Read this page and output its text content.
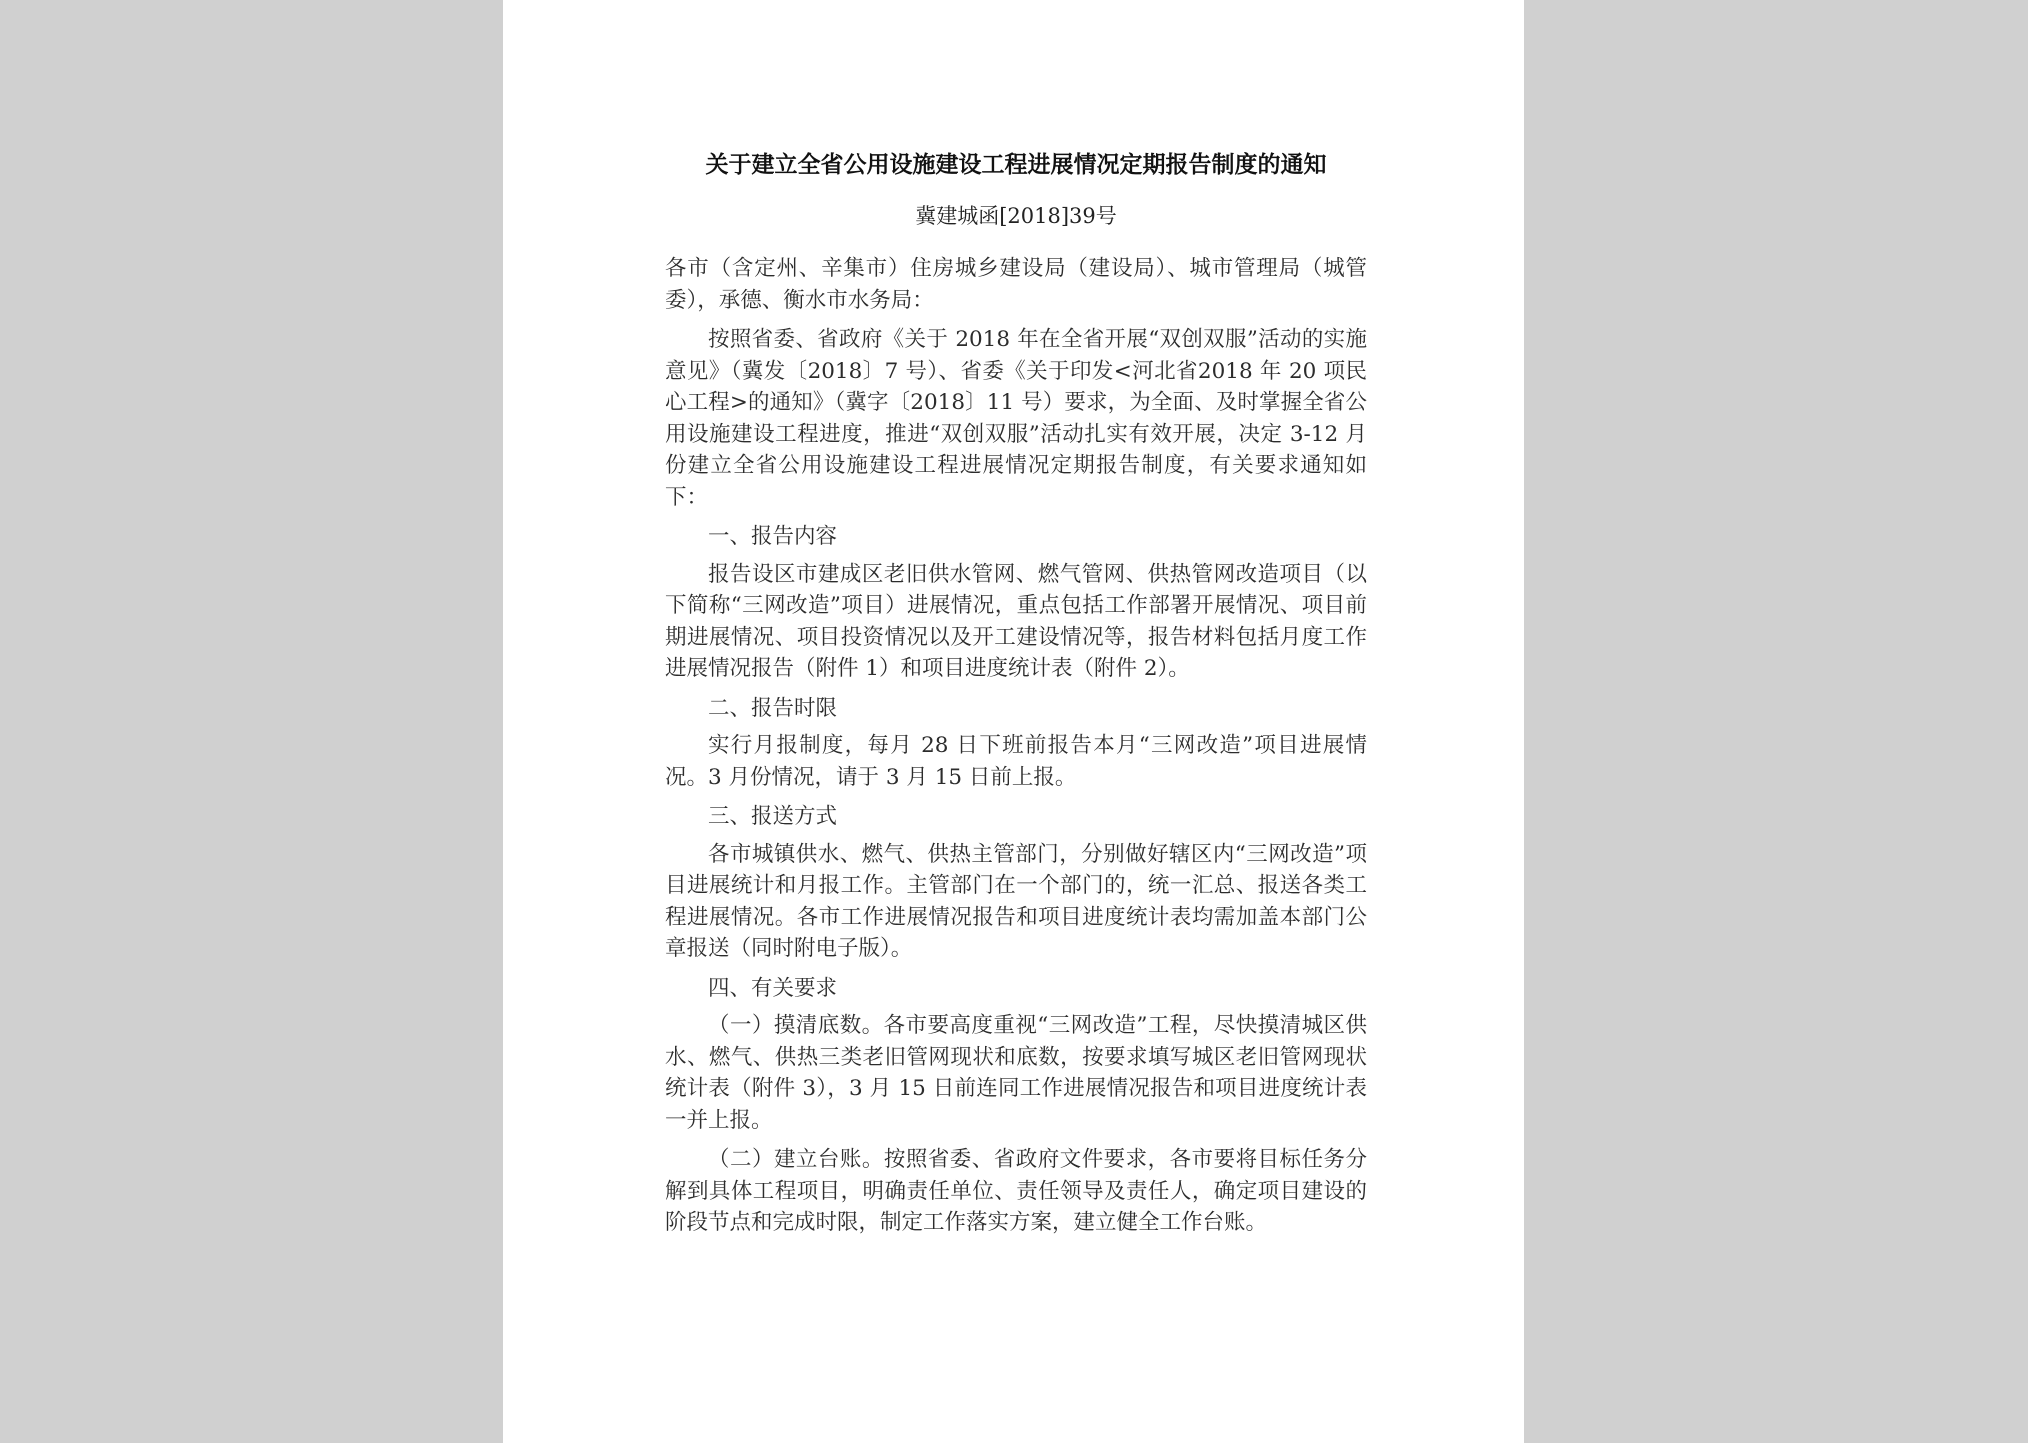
关于建立全省公用设施建设工程进展情况定期报告制度的通知
冀建城函[2018]39号

各市（含定州、辛集市）住房城乡建设局（建设局）、城市管理局（城管委），承德、衡水市水务局：

按照省委、省政府《关于 2018 年在全省开展“双创双服”活动的实施意见》（冀发〔2018〕7 号）、省委《关于印发<河北省2018 年 20 项民心工程>的通知》（冀字〔2018〕11 号）要求，为全面、及时掌握全省公用设施建设工程进度，推进“双创双服”活动扎实有效开展，决定 3-12 月份建立全省公用设施建设工程进展情况定期报告制度，有关要求通知如下：

一、报告内容

报告设区市建成区老旧供水管网、燃气管网、供热管网改造项目（以下简称“三网改造”项目）进展情况，重点包括工作部署开展情况、项目前期进展情况、项目投资情况以及开工建设情况等，报告材料包括月度工作进展情况报告（附件 1）和项目进度统计表（附件 2）。

二、报告时限

实行月报制度，每月 28 日下班前报告本月“三网改造”项目进展情况。3 月份情况，请于 3 月 15 日前上报。

三、报送方式

各市城镇供水、燃气、供热主管部门，分别做好辖区内“三网改造”项目进展统计和月报工作。主管部门在一个部门的，统一汇总、报送各类工程进展情况。各市工作进展情况报告和项目进度统计表均需加盖本部门公章报送（同时附电子版）。

四、有关要求

（一）摸清底数。各市要高度重视“三网改造”工程，尽快摸清城区供水、燃气、供热三类老旧管网现状和底数，按要求填写城区老旧管网现状统计表（附件 3），3 月 15 日前连同工作进展情况报告和项目进度统计表一并上报。

（二）建立台账。按照省委、省政府文件要求，各市要将目标任务分解到具体工程项目，明确责任单位、责任领导及责任人，确定项目建设的阶段节点和完成时限，制定工作落实方案，建立健全工作台账。
